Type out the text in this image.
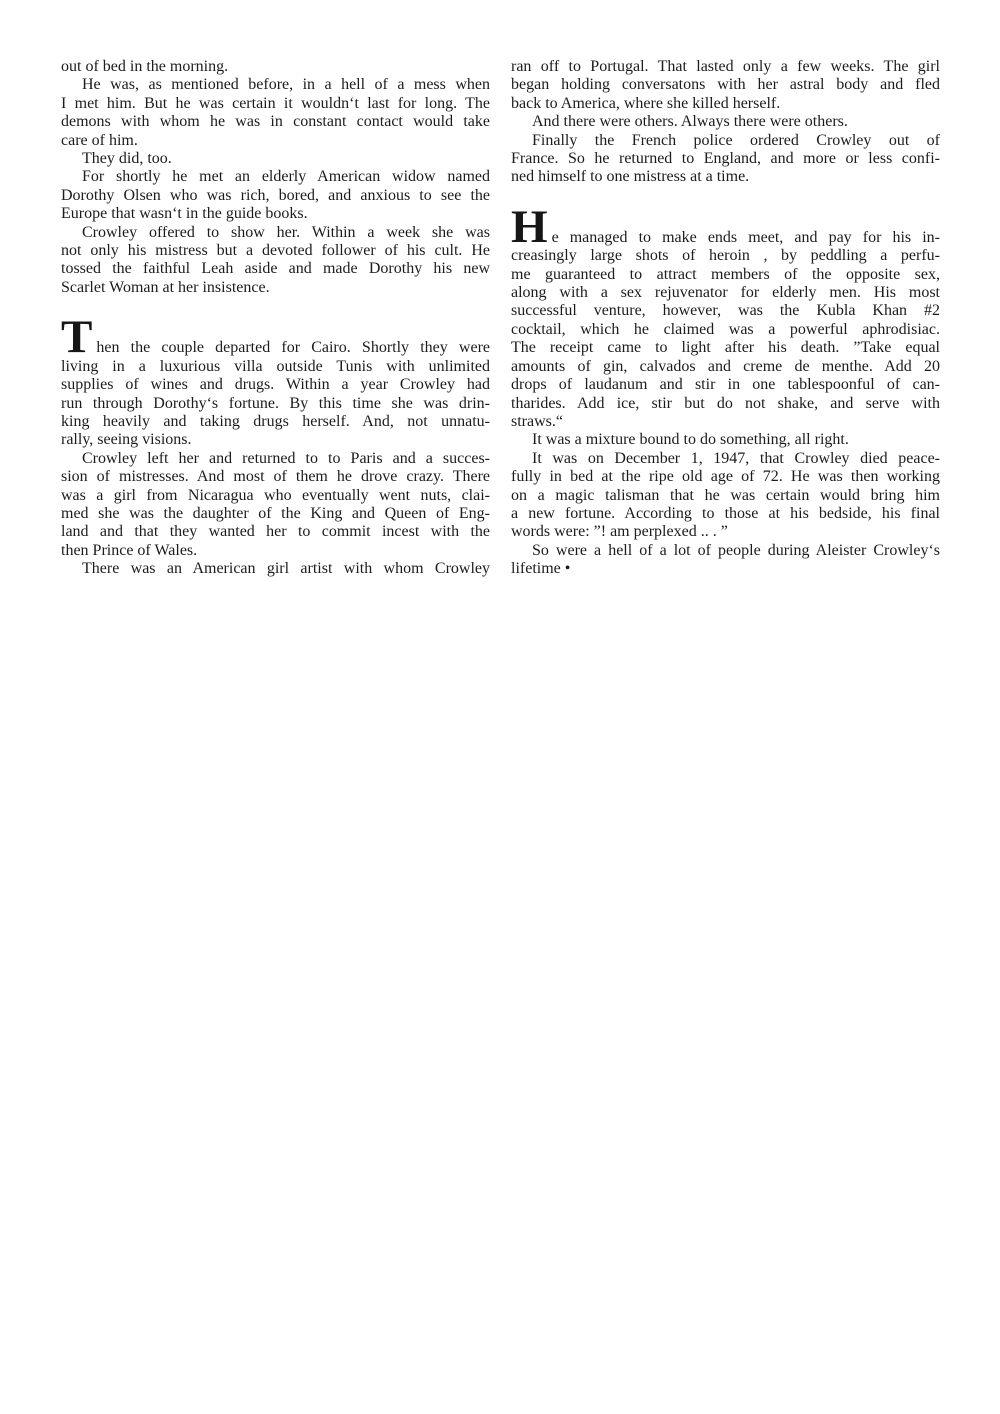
out of bed in the morning.
He was, as mentioned before, in a hell of a mess when
I met him. But he was certain it wouldn‘t last for long. The
demons with whom he was in constant contact would take
care of him.
They did, too.
For shortly he met an elderly American widow named
Dorothy Olsen who was rich, bored, and anxious to see the
Europe that wasn‘t in the guide books.
Crowley offered to show her. Within a week she was
not only his mistress but a devoted follower of his cult. He
tossed the faithful Leah aside and made Dorothy his new
Scarlet Woman at her insistence.
Then the couple departed for Cairo. Shortly they were
living in a luxurious villa outside Tunis with unlimited
supplies of wines and drugs. Within a year Crowley had
run through Dorothy‘s fortune. By this time she was drin-
king heavily and taking drugs herself. And, not unnatu-
rally, seeing visions.
Crowley left her and returned to to Paris and a succes-
sion of mistresses. And most of them he drove crazy. There
was a girl from Nicaragua who eventually went nuts, clai-
med she was the daughter of the King and Queen of Eng-
land and that they wanted her to commit incest with the
then Prince of Wales.
There was an American girl artist with whom Crowley
ran off to Portugal. That lasted only a few weeks. The girl
began holding conversatons with her astral body and fled
back to America, where she killed herself.
And there were others. Always there were others.
Finally the French police ordered Crowley out of
France. So he returned to England, and more or less confi-
ned himself to one mistress at a time.
He managed to make ends meet, and pay for his in-
creasingly large shots of heroin , by peddling a perfu-
me guaranteed to attract members of the opposite sex,
along with a sex rejuvenator for elderly men. His most
successful venture, however, was the Kubla Khan #2
cocktail, which he claimed was a powerful aphrodisiac.
The receipt came to light after his death. ”Take equal
amounts of gin, calvados and creme de menthe. Add 20
drops of laudanum and stir in one tablespoonful of can-
tharides. Add ice, stir but do not shake, and serve with
straws.“
It was a mixture bound to do something, all right.
It was on December 1, 1947, that Crowley died peace-
fully in bed at the ripe old age of 72. He was then working
on a magic talisman that he was certain would bring him
a new fortune. According to those at his bedside, his final
words were: ”! am perplexed .. . ”
So were a hell of a lot of people during Aleister Crowley‘s
lifetime •
